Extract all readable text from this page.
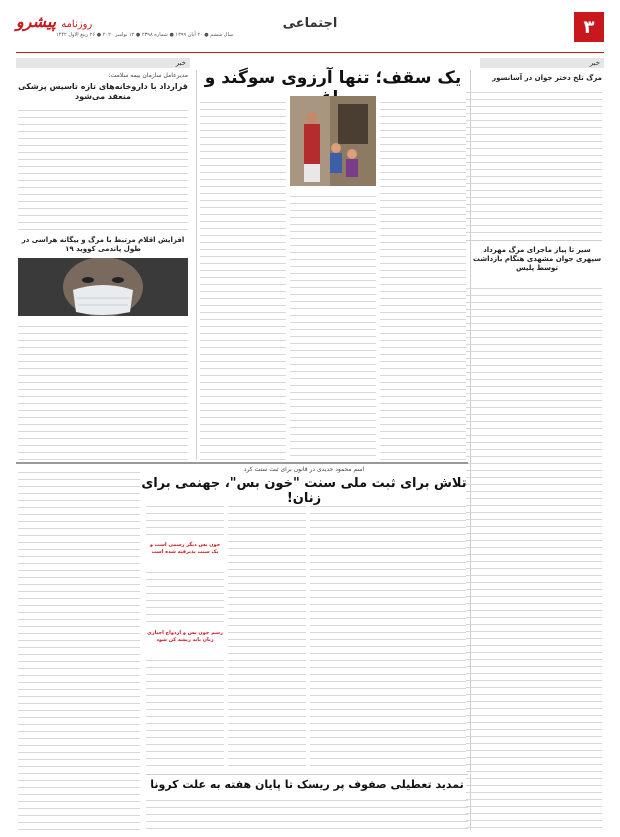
۳
اجتماعی
روزنامه پیشرو
سال ششم ● ۲۰ آبان ۱۳۹۹ ● شماره ۲۳۹۸ ● ۱۲ نوامبر ۲۰۲۰ ● ۲۶ ربیع الاول ۱۴۴۲
خبر
خبر
مرگ تلخ دختر جوان در آسانسور
سیر تا پیاز ماجرای مرگ مهرداد سپهری جوان مشهدی هنگام بازداشت توسط پلیس
یک سقف؛ تنها آرزوی سوگند و
مدیرعامل سازمان بیمه سلامت:
قرارداد با داروخانه‌های تازه تاسیس پزشکی منعقد می‌شود
افزایش اقلام مرتبط با مرگ و بیگانه هراسی در طول پاندمی کووید ۱۹
اسم محمود حدیدی در قانون برای ثبت سنت کرد
تلاش برای ثبت ملی سنت "خون بس"، جهنمی برای زنان!
خون بس دیگر رسمی است و یک سنت پذیرفته شده است
رسم خون بس و ازدواج اجباری زنان باید ریشه کن شود
تمدید تعطیلی صفوف پر ریسک تا پایان هفته به علت کرونا
